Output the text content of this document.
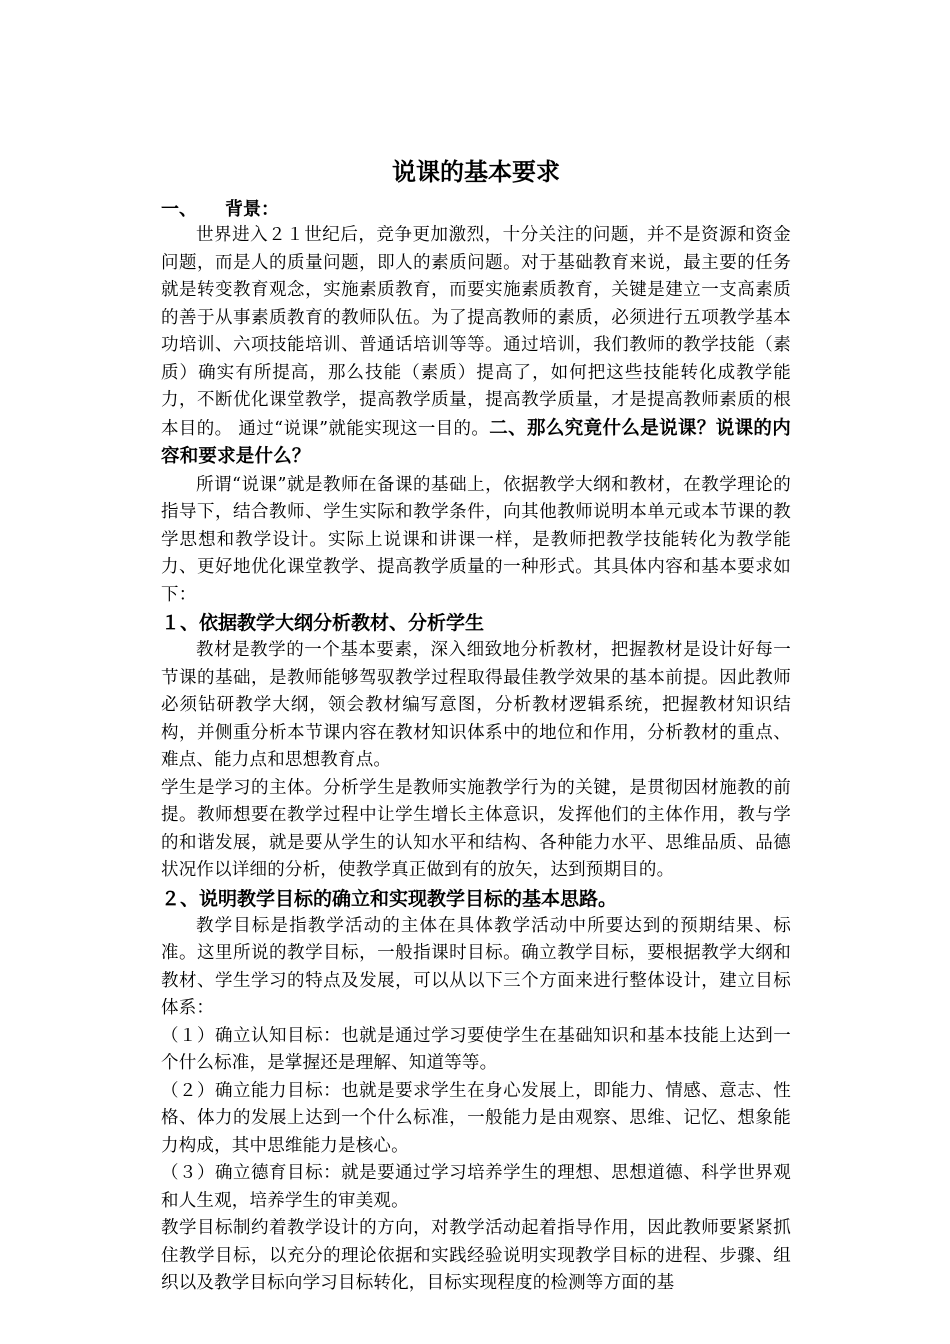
说课的基本要求
一、 背景：

世界进入２１世纪后，竞争更加激烈，十分关注的问题，并不是资源和资金问题，而是人的质量问题，即人的素质问题。对于基础教育来说，最主要的任务就是转变教育观念，实施素质教育，而要实施素质教育，关键是建立一支高素质的善于从事素质教育的教师队伍。为了提高教师的素质，必须进行五项教学基本功培训、六项技能培训、普通话培训等等。通过培训，我们教师的教学技能（素质）确实有所提高，那么技能（素质）提高了，如何把这些技能转化成教学能力，不断优化课堂教学，提高教学质量，提高教学质量，才是提高教师素质的根本目的。 通过“说课”就能实现这一目的。二、那么究竟什么是说课？说课的内容和要求是什么？

所谓“说课”就是教师在备课的基础上，依据教学大纲和教材，在教学理论的指导下，结合教师、学生实际和教学条件，向其他教师说明本单元或本节课的教学思想和教学设计。实际上说课和讲课一样，是教师把教学技能转化为教学能力、更好地优化课堂教学、提高教学质量的一种形式。其具体内容和基本要求如下：

１、依据教学大纲分析教材、分析学生

教材是教学的一个基本要素，深入细致地分析教材，把握教材是设计好每一节课的基础，是教师能够驾驭教学过程取得最佳教学效果的基本前提。因此教师必须钻研教学大纲，领会教材编写意图，分析教材逻辑系统，把握教材知识结构，并侧重分析本节课内容在教材知识体系中的地位和作用，分析教材的重点、难点、能力点和思想教育点。

学生是学习的主体。分析学生是教师实施教学行为的关键，是贯彻因材施教的前提。教师想要在教学过程中让学生增长主体意识，发挥他们的主体作用，教与学的和谐发展，就是要从学生的认知水平和结构、各种能力水平、思维品质、品德状况作以详细的分析，使教学真正做到有的放矢，达到预期目的。

２、说明教学目标的确立和实现教学目标的基本思路。

教学目标是指教学活动的主体在具体教学活动中所要达到的预期结果、标准。这里所说的教学目标，一般指课时目标。确立教学目标，要根据教学大纲和教材、学生学习的特点及发展，可以从以下三个方面来进行整体设计，建立目标体系：

（１）确立认知目标：也就是通过学习要使学生在基础知识和基本技能上达到一个什么标准，是掌握还是理解、知道等等。

（２）确立能力目标：也就是要求学生在身心发展上，即能力、情感、意志、性格、体力的发展上达到一个什么标准，一般能力是由观察、思维、记忆、想象能力构成，其中思维能力是核心。

（３）确立德育目标：就是要通过学习培养学生的理想、思想道德、科学世界观和人生观，培养学生的审美观。

教学目标制约着教学设计的方向，对教学活动起着指导作用，因此教师要紧紧抓住教学目标，以充分的理论依据和实践经验说明实现教学目标的进程、步骤、组织以及教学目标向学习目标转化，目标实现程度的检测等方面的基
